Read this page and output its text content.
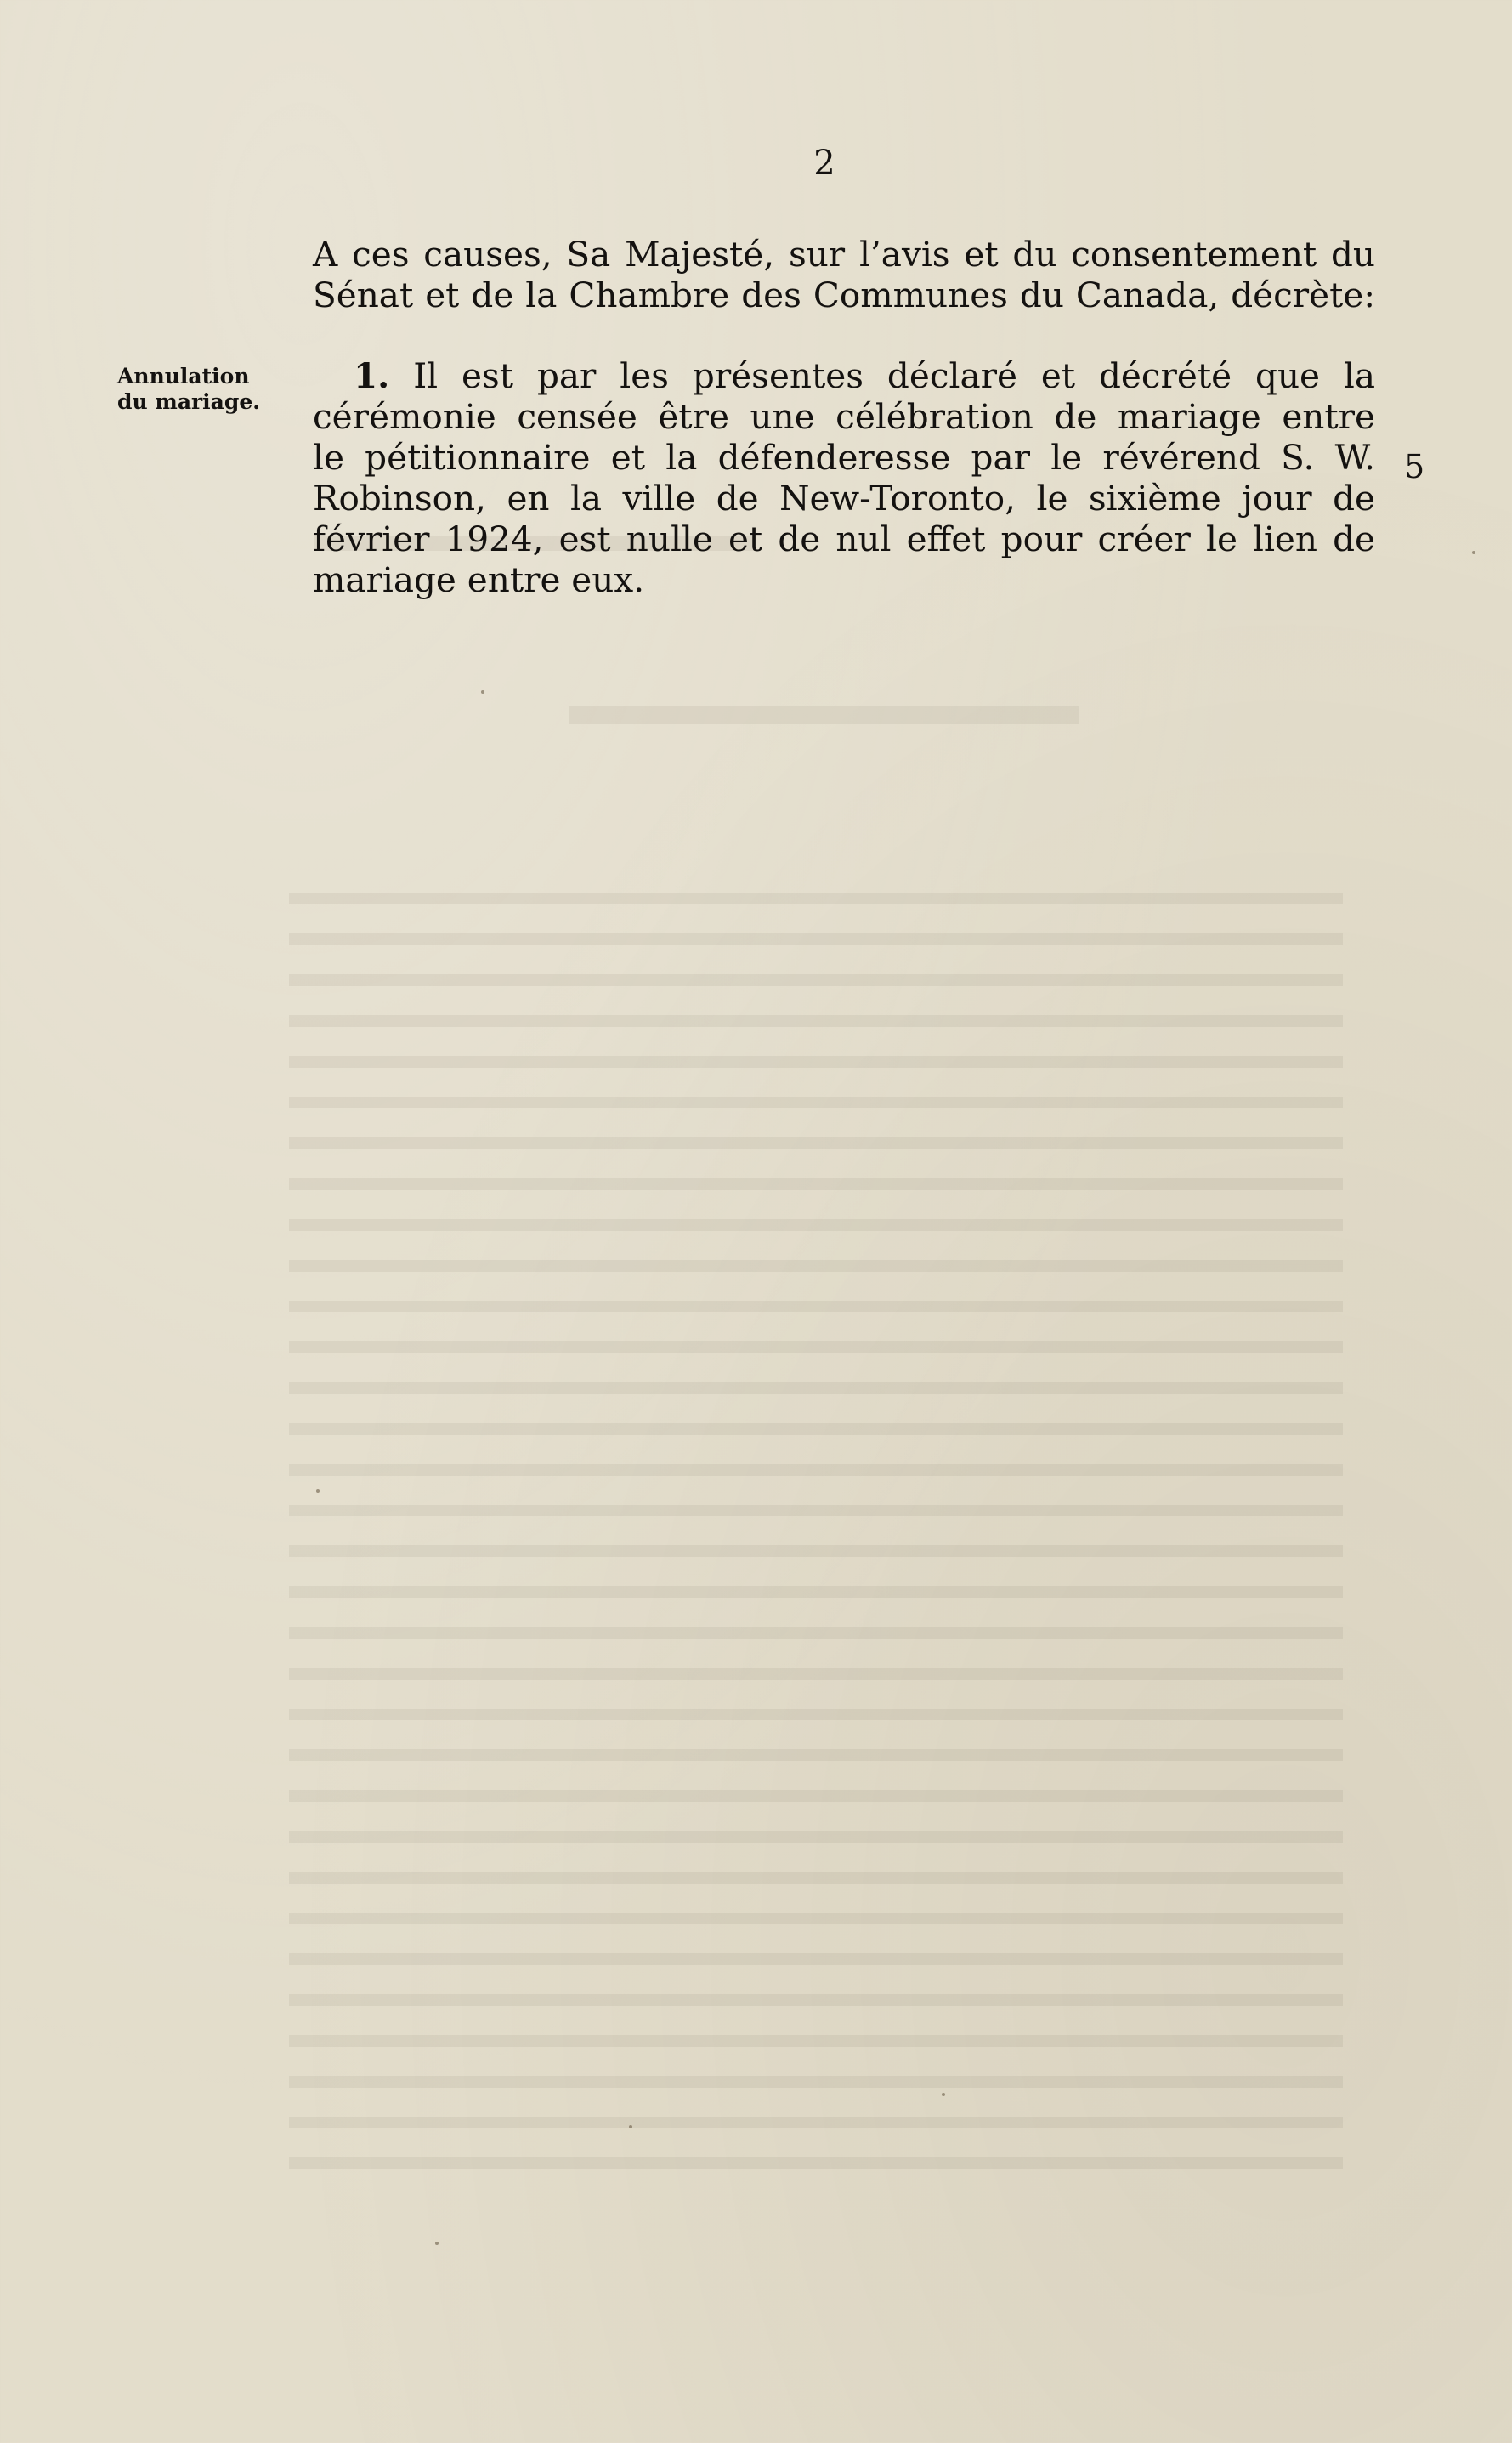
2
A ces causes, Sa Majesté, sur l’avis et du consentement du
Sénat et de la Chambre des Communes du Canada, décrète:
Annulation
du mariage.
1. Il est par les présentes déclaré et décrété que la
cérémonie censée être une célébration de mariage entre
le pétitionnaire et la défenderesse par le révérend S. W.
Robinson, en la ville de New-Toronto, le sixième jour de
février 1924, est nulle et de nul effet pour créer le lien de
mariage entre eux.
5
